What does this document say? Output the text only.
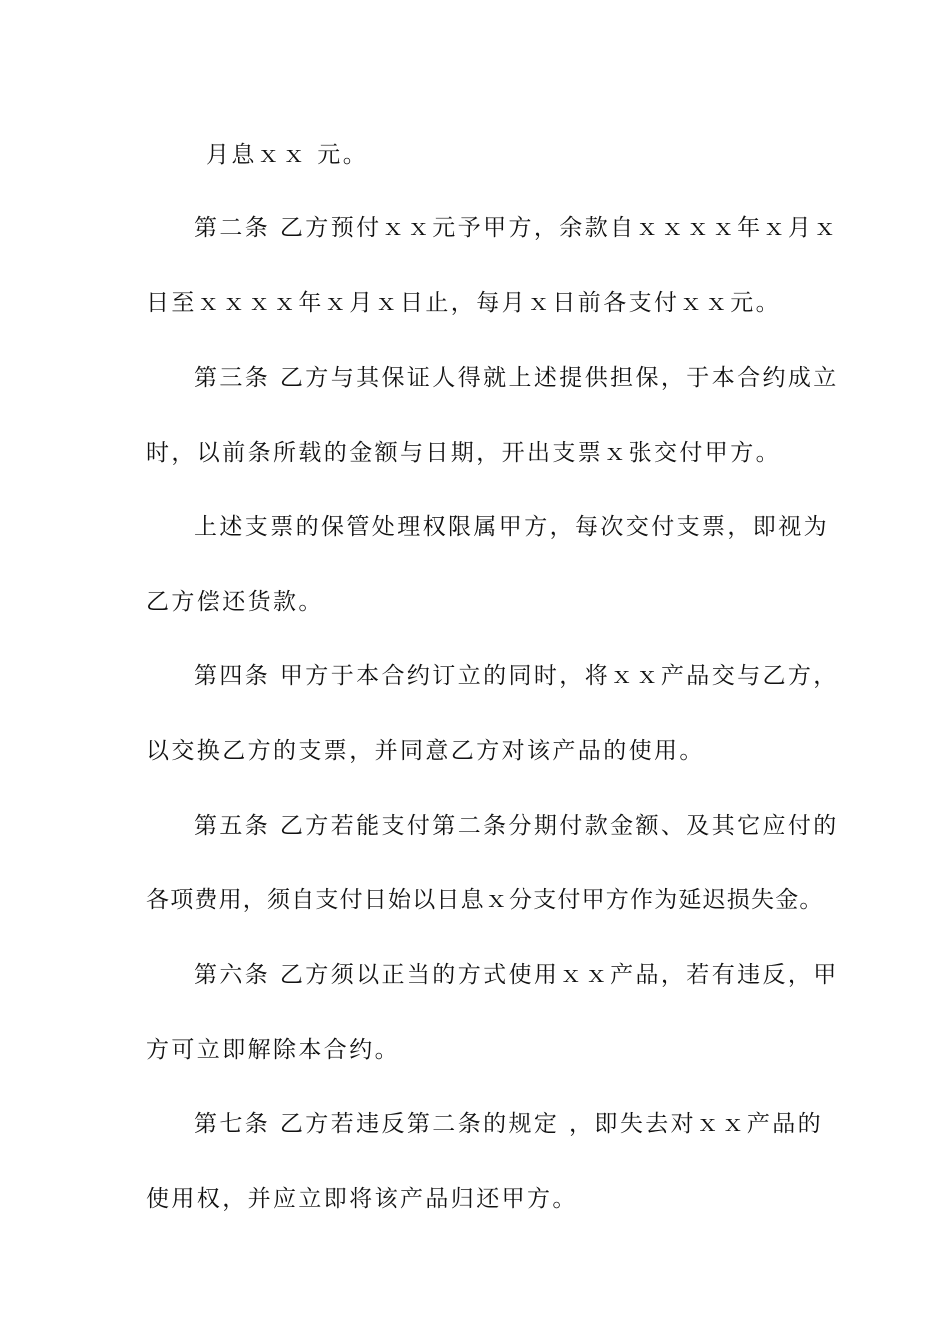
月息ｘｘ 元。
第二条 乙方预付ｘｘ元予甲方，余款自ｘｘｘｘ年ｘ月ｘ
日至ｘｘｘｘ年ｘ月ｘ日止，每月ｘ日前各支付ｘｘ元。
第三条 乙方与其保证人得就上述提供担保，于本合约成立
时，以前条所载的金额与日期，开出支票ｘ张交付甲方。
上述支票的保管处理权限属甲方，每次交付支票，即视为
乙方偿还货款。
第四条 甲方于本合约订立的同时，将ｘｘ产品交与乙方，
以交换乙方的支票，并同意乙方对该产品的使用。
第五条 乙方若能支付第二条分期付款金额、及其它应付的
各项费用，须自支付日始以日息ｘ分支付甲方作为延迟损失金。
第六条 乙方须以正当的方式使用ｘｘ产品，若有违反，甲
方可立即解除本合约。
第七条 乙方若违反第二条的规定 ，即失去对ｘｘ产品的
使用权，并应立即将该产品归还甲方。
